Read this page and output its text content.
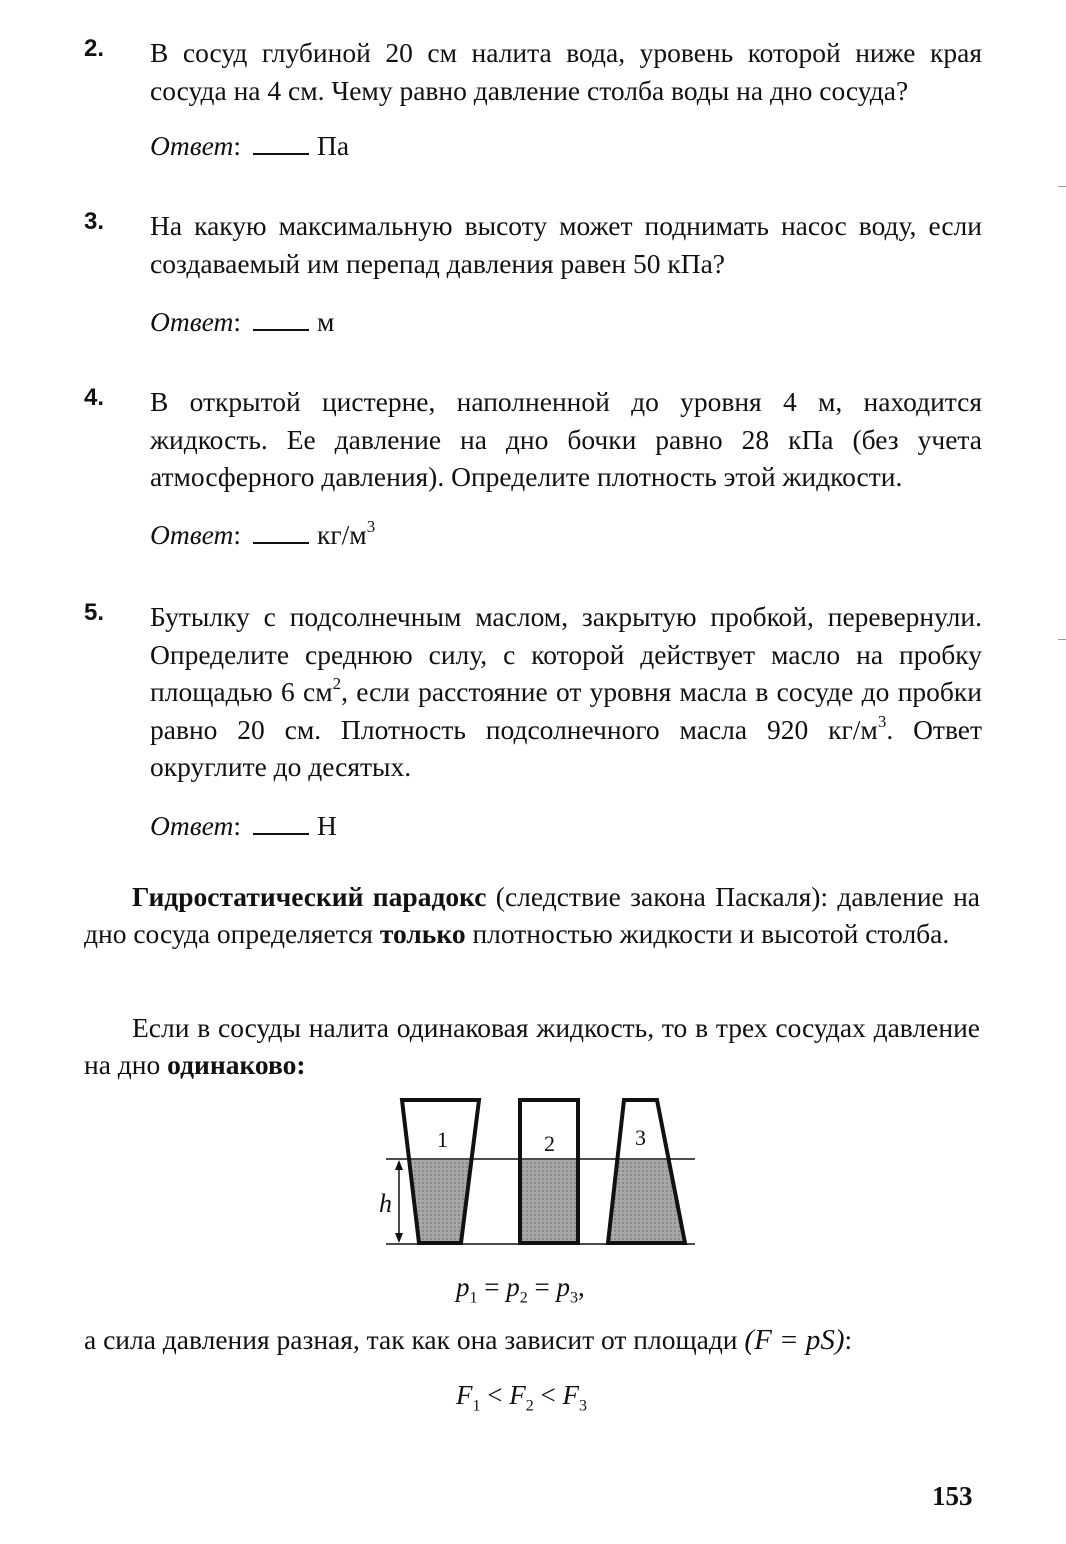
2. В сосуд глубиной 20 см налита вода, уровень которой ниже края сосуда на 4 см. Чему равно давление столба воды на дно сосуда?
Ответ:	Па
3. На какую максимальную высоту может поднимать насос воду, если создаваемый им перепад давления равен 50 кПа?
Ответ:	м
4. В открытой цистерне, наполненной до уровня 4 м, находится жидкость. Ее давление на дно бочки равно 28 кПа (без учета атмосферного давления). Определите плотность этой жидкости.
Ответ:	$кг/м^3$
5. Бутылку с подсолнечным маслом, закрытую пробкой, перевернули. Определите среднюю силу, с которой действует масло на пробку площадью 6 $см^2$, если расстояние от уровня масла в сосуде до пробки равно 20 см. Плотность подсолнечного масла 920 $кг/м^3$. Ответ округлите до десятых.
Ответ:	Н
Гидростатический парадокс (следствие закона Паскаля): давление на дно сосуда определяется только плотностью жидкости и высотой столба.
Если в сосуды налита одинаковая жидкость, то в трех сосудах давление на дно одинаково:
h
1	2	3
$p_1 = p_2 = p_3$,
а сила давления разная, так как она зависит от площади (F = pS):
$F_1 < F_2 < F_3$
153
